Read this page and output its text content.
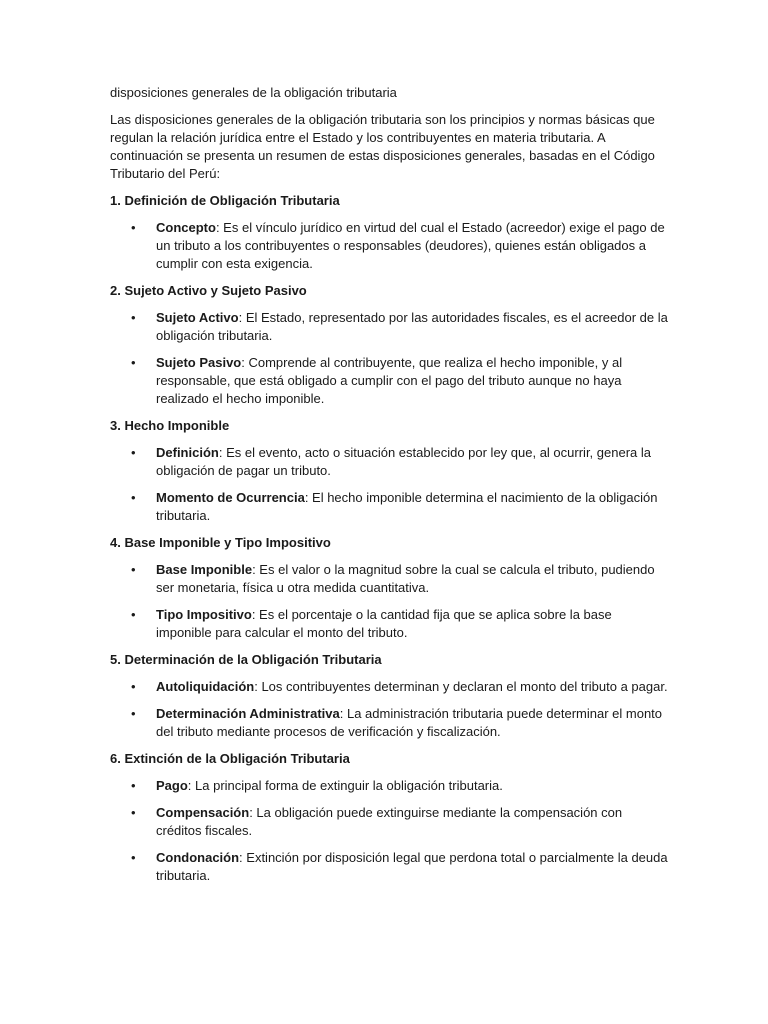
disposiciones generales de la obligación tributaria

Las disposiciones generales de la obligación tributaria son los principios y normas básicas que regulan la relación jurídica entre el Estado y los contribuyentes en materia tributaria. A continuación se presenta un resumen de estas disposiciones generales, basadas en el Código Tributario del Perú:

1. Definición de Obligación Tributaria

• Concepto: Es el vínculo jurídico en virtud del cual el Estado (acreedor) exige el pago de un tributo a los contribuyentes o responsables (deudores), quienes están obligados a cumplir con esta exigencia.

2. Sujeto Activo y Sujeto Pasivo

• Sujeto Activo: El Estado, representado por las autoridades fiscales, es el acreedor de la obligación tributaria.
• Sujeto Pasivo: Comprende al contribuyente, que realiza el hecho imponible, y al responsable, que está obligado a cumplir con el pago del tributo aunque no haya realizado el hecho imponible.

3. Hecho Imponible

• Definición: Es el evento, acto o situación establecido por ley que, al ocurrir, genera la obligación de pagar un tributo.
• Momento de Ocurrencia: El hecho imponible determina el nacimiento de la obligación tributaria.

4. Base Imponible y Tipo Impositivo

• Base Imponible: Es el valor o la magnitud sobre la cual se calcula el tributo, pudiendo ser monetaria, física u otra medida cuantitativa.
• Tipo Impositivo: Es el porcentaje o la cantidad fija que se aplica sobre la base imponible para calcular el monto del tributo.

5. Determinación de la Obligación Tributaria

• Autoliquidación: Los contribuyentes determinan y declaran el monto del tributo a pagar.
• Determinación Administrativa: La administración tributaria puede determinar el monto del tributo mediante procesos de verificación y fiscalización.

6. Extinción de la Obligación Tributaria

• Pago: La principal forma de extinguir la obligación tributaria.
• Compensación: La obligación puede extinguirse mediante la compensación con créditos fiscales.
• Condonación: Extinción por disposición legal que perdona total o parcialmente la deuda tributaria.
